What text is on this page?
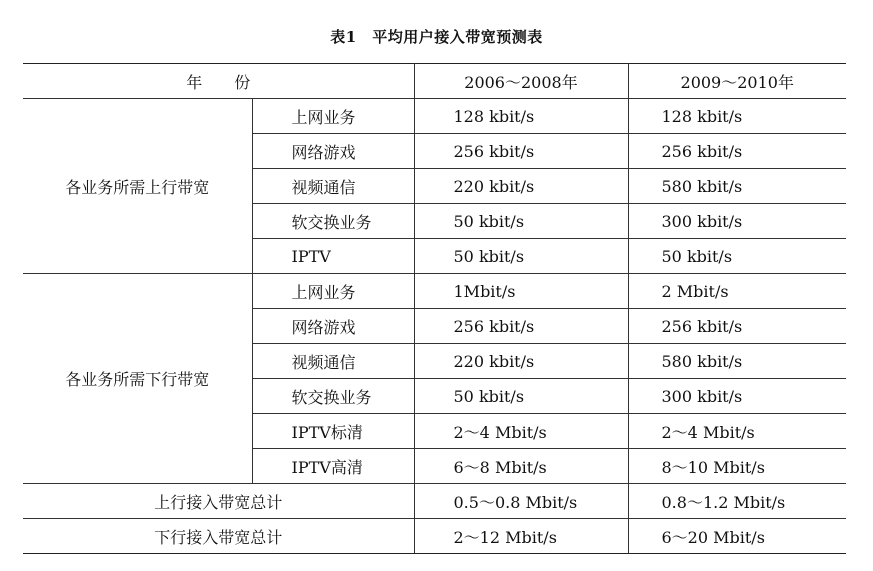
表1　平均用户接入带宽预测表
年　　份		2006～2008年	2009～2010年
各业务所需上行带宽	上网业务	128 kbit/s	128 kbit/s
	网络游戏	256 kbit/s	256 kbit/s
	视频通信	220 kbit/s	580 kbit/s
	软交换业务	50 kbit/s	300 kbit/s
	IPTV	50 kbit/s	50 kbit/s
各业务所需下行带宽	上网业务	1Mbit/s	2 Mbit/s
	网络游戏	256 kbit/s	256 kbit/s
	视频通信	220 kbit/s	580 kbit/s
	软交换业务	50 kbit/s	300 kbit/s
	IPTV标清	2～4 Mbit/s	2～4 Mbit/s
	IPTV高清	6～8 Mbit/s	8～10 Mbit/s
上行接入带宽总计		0.5～0.8 Mbit/s	0.8～1.2 Mbit/s
下行接入带宽总计		2～12 Mbit/s	6～20 Mbit/s
